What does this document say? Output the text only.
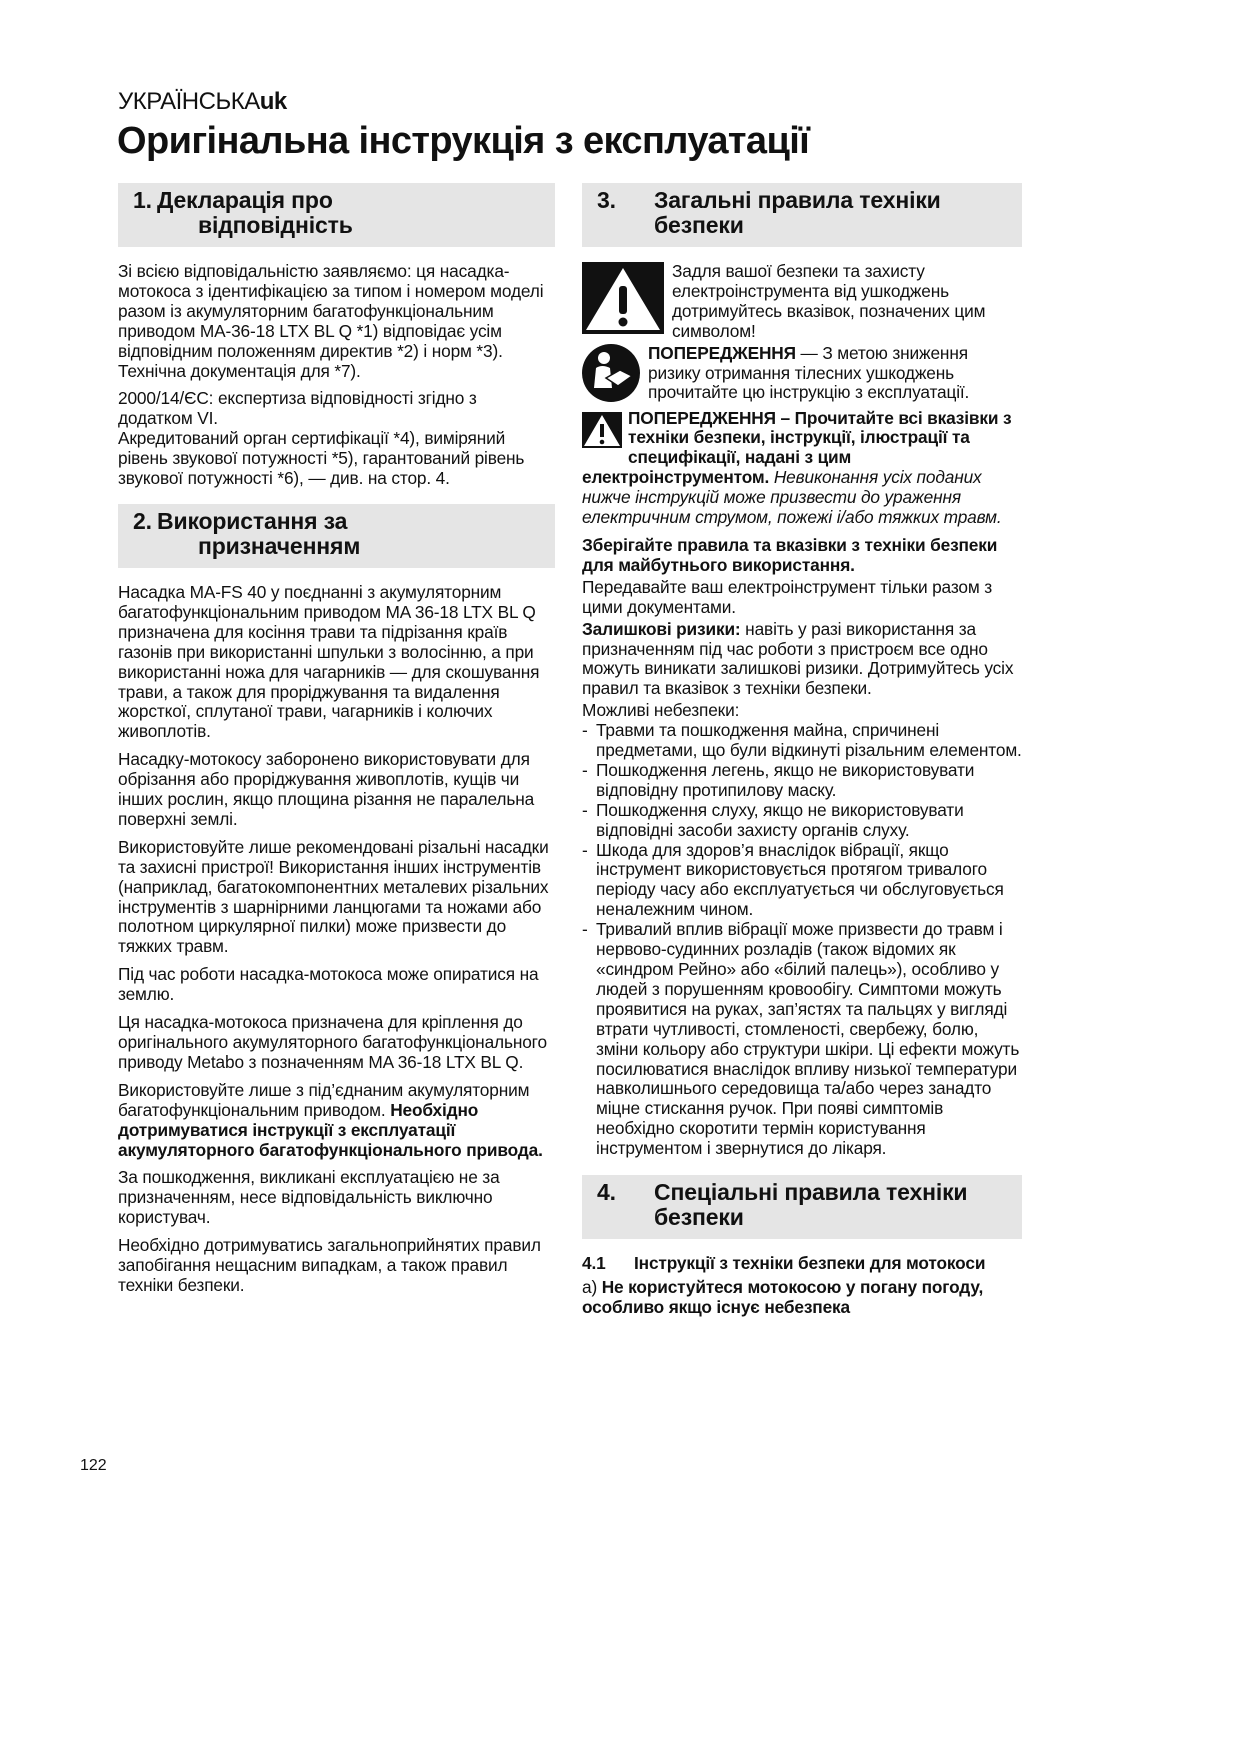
УКРАЇНСЬКАuk
Оригінальна інструкція з експлуатації
1. Декларація про
відповідність

Зі всією відповідальністю заявляємо: ця насадка-мотокоса з ідентифікацією за типом і номером моделі разом із акумуляторним багатофункціональним приводом MA-36-18 LTX BL Q *1) відповідає усім відповідним положенням директив *2) і норм *3). Технічна документація для *7).

2000/14/ЄС: експертиза відповідності згідно з додатком VI.

Акредитований орган сертифікації *4), виміряний рівень звукової потужності *5), гарантований рівень звукової потужності *6), — див. на стор. 4.

2. Використання за
призначенням

Насадка MA-FS 40 у поєднанні з акумуляторним багатофункціональним приводом MA 36-18 LTX BL Q призначена для косіння трави та підрізання країв газонів при використанні шпульки з волосінню, а при використанні ножа для чагарників — для скошування трави, а також для проріджування та видалення жорсткої, сплутаної трави, чагарників і колючих живоплотів.

Насадку-мотокосу заборонено використовувати для обрізання або проріджування живоплотів, кущів чи інших рослин, якщо площина різання не паралельна поверхні землі.

Використовуйте лише рекомендовані різальні насадки та захисні пристрої! Використання інших інструментів (наприклад, багатокомпонентних металевих різальних інструментів з шарнірними ланцюгами та ножами або полотном циркулярної пилки) може призвести до тяжких травм.

Під час роботи насадка-мотокоса може опиратися на землю.

Ця насадка-мотокоса призначена для кріплення до оригінального акумуляторного багатофункціонального приводу Metabo з позначенням MA 36-18 LTX BL Q.

Використовуйте лише з під’єднаним акумуляторним багатофункціональним приводом. Необхідно дотримуватися інструкції з експлуатації акумуляторного багатофункціонального привода.

За пошкодження, викликані експлуатацією не за призначенням, несе відповідальність виключно користувач.

Необхідно дотримуватись загальноприйнятих правил запобігання нещасним випадкам, а також правил техніки безпеки.

3.	Загальні правила техніки
безпеки

Задля вашої безпеки та захисту електроінструмента від ушкоджень дотримуйтесь вказівок, позначених цим символом!

ПОПЕРЕДЖЕННЯ — З метою зниження ризику отримання тілесних ушкоджень прочитайте цю інструкцію з експлуатації.

ПОПЕРЕДЖЕННЯ – Прочитайте всі вказівки з техніки безпеки, інструкції, ілюстрації та специфікації, надані з цим електроінструментом. Невиконання усіх поданих нижче інструкцій може призвести до ураження електричним струмом, пожежі і/або тяжких травм.

Зберігайте правила та вказівки з техніки безпеки для майбутнього використання.

Передавайте ваш електроінструмент тільки разом з цими документами.

Залишкові ризики: навіть у разі використання за призначенням під час роботи з пристроєм все одно можуть виникати залишкові ризики. Дотримуйтесь усіх правил та вказівок з техніки безпеки.

Можливі небезпеки:

- Травми та пошкодження майна, спричинені предметами, що були відкинуті різальним елементом.
- Пошкодження легень, якщо не використовувати відповідну протипилову маску.
- Пошкодження слуху, якщо не використовувати відповідні засоби захисту органів слуху.
- Шкода для здоров’я внаслідок вібрації, якщо інструмент використовується протягом тривалого періоду часу або експлуатується чи обслуговується неналежним чином.
- Тривалий вплив вібрації може призвести до травм і нервово-судинних розладів (також відомих як «синдром Рейно» або «білий палець»), особливо у людей з порушенням кровообігу. Симптоми можуть проявитися на руках, зап’ястях та пальцях у вигляді втрати чутливості, стомленості, свербежу, болю, зміни кольору або структури шкіри. Ці ефекти можуть посилюватися внаслідок впливу низької температури навколишнього середовища та/або через занадто міцне стискання ручок. При появі симптомів необхідно скоротити термін користування інструментом і звернутися до лікаря.
4.	Спеціальні правила техніки
безпеки
4.1	Інструкції з техніки безпеки для мотокоси

а) Не користуйтеся мотокосою у погану погоду, особливо якщо існує небезпека

122
